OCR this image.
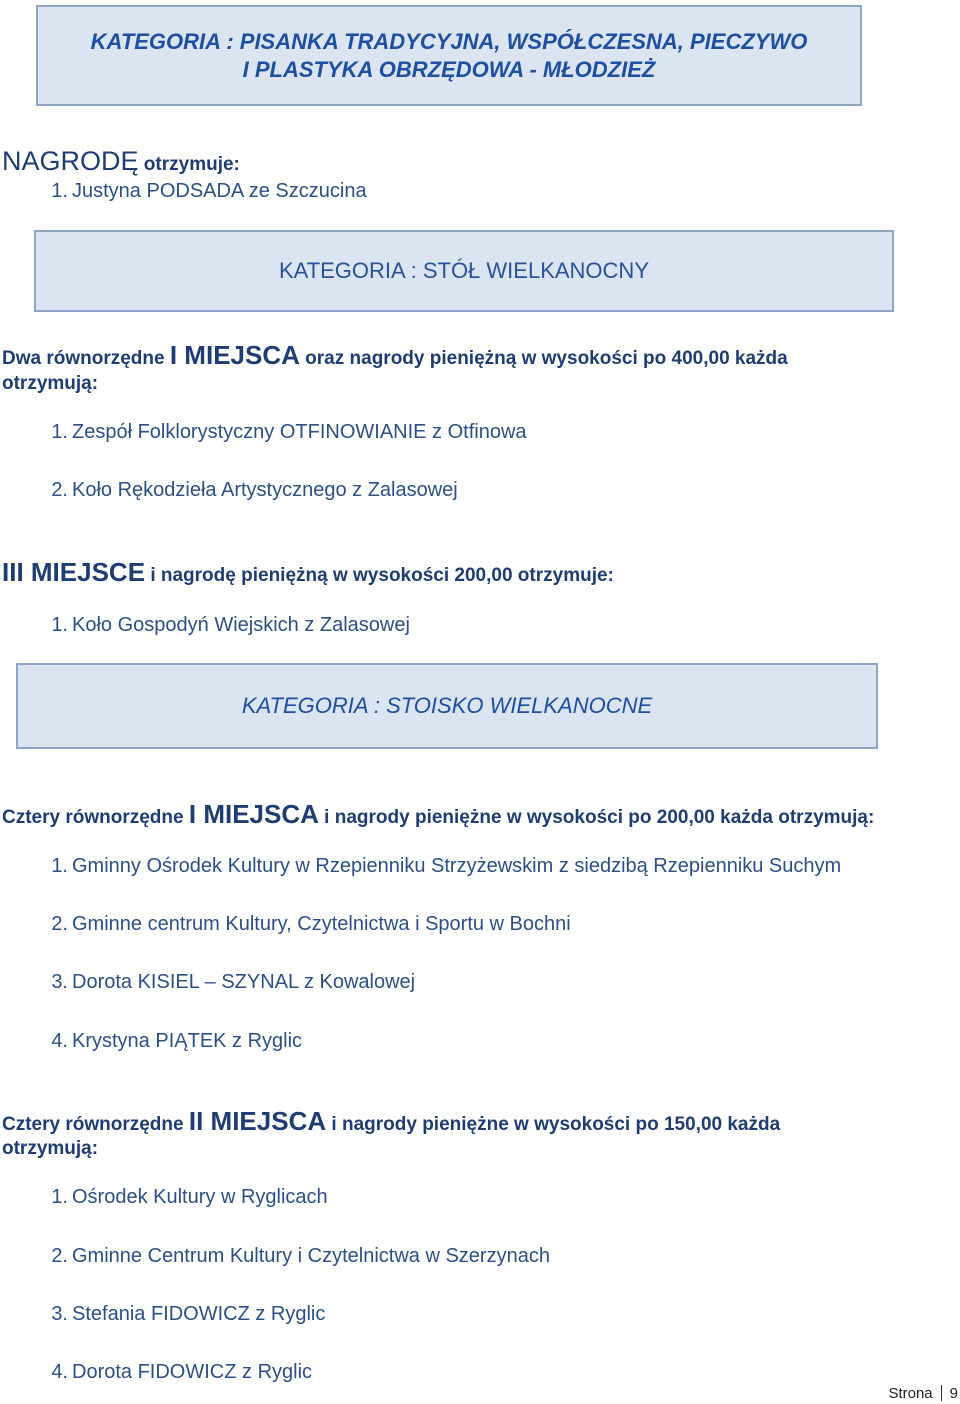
KATEGORIA : PISANKA TRADYCYJNA, WSPÓŁCZESNA, PIECZYWO
I PLASTYKA OBRZĘDOWA - MŁODZIEŻ
NAGRODĘ otrzymuje:
1. Justyna PODSADA ze Szczucina
KATEGORIA : STÓŁ WIELKANOCNY
Dwa równorzędne I MIEJSCA oraz nagrody pieniężną w wysokości po 400,00 każda
otrzymują:
1. Zespół Folklorystyczny OTFINOWIANIE z Otfinowa
2. Koło Rękodzieła Artystycznego z Zalasowej
III MIEJSCE i nagrodę pieniężną w wysokości 200,00 otrzymuje:
1. Koło Gospodyń Wiejskich z Zalasowej
KATEGORIA : STOISKO WIELKANOCNE
Cztery równorzędne I MIEJSCA i nagrody pieniężne w wysokości po 200,00 każda otrzymują:
1. Gminny Ośrodek Kultury w Rzepienniku Strzyżewskim z siedzibą Rzepienniku Suchym
2. Gminne centrum Kultury, Czytelnictwa i Sportu w Bochni
3. Dorota KISIEL – SZYNAL z Kowalowej
4. Krystyna PIĄTEK z Ryglic
Cztery równorzędne II MIEJSCA i nagrody pieniężne w wysokości po 150,00 każda
otrzymują:
1. Ośrodek Kultury w Ryglicach
2. Gminne Centrum Kultury i Czytelnictwa w Szerzynach
3. Stefania FIDOWICZ z Ryglic
4. Dorota FIDOWICZ z Ryglic
Strona 9
